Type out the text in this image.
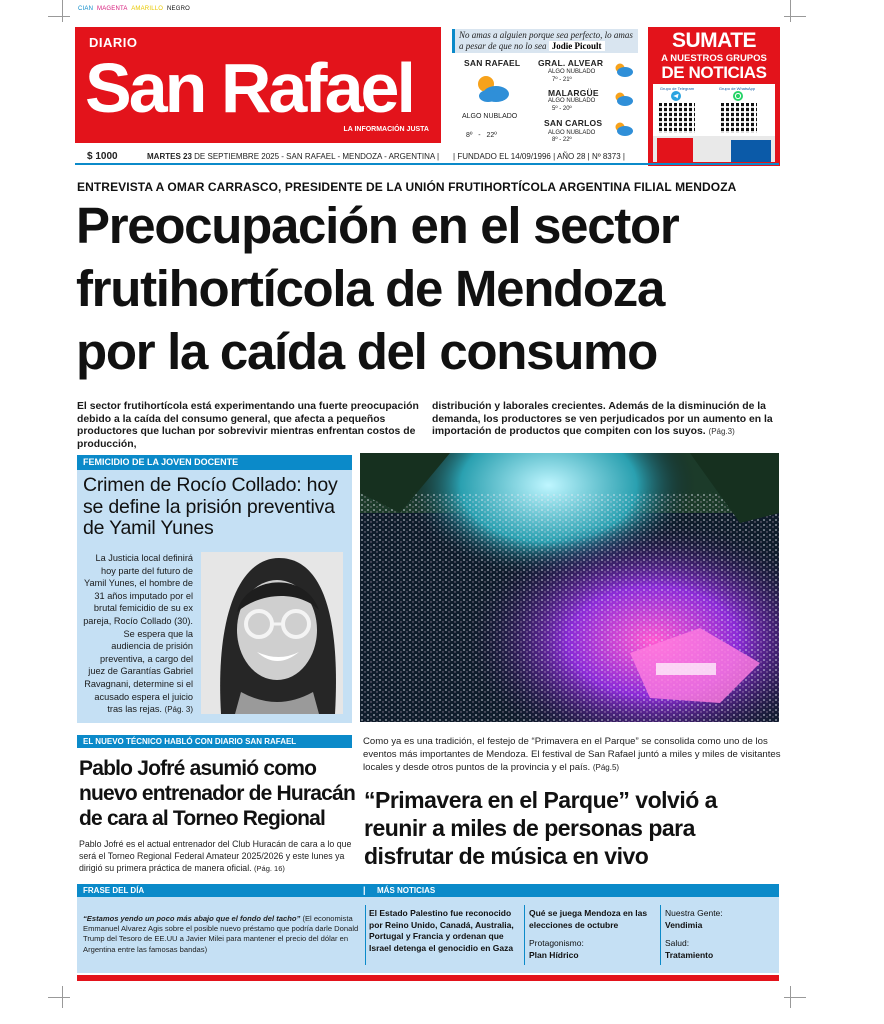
CIAN MAGENTA AMARILLO NEGRO
DIARIO
San Rafael
LA INFORMACIÓN JUSTA
No amas a alguien porque sea perfecto, lo amas a pesar de que no lo sea Jodie Picoult
SAN RAFAEL
ALGO NUBLADO
8º - 22º
GRAL. ALVEAR
ALGO NUBLADO
7º - 21º
MALARGÜE
ALGO NUBLADO
5º - 20º
SAN CARLOS
ALGO NUBLADO
8º - 22º
SUMATE
A NUESTROS GRUPOS
DE NOTICIAS
Grupo de Telegram	Grupo de WhatsApp
$ 1000	MARTES 23 DE SEPTIEMBRE 2025 - SAN RAFAEL - MENDOZA - ARGENTINA | | FUNDADO EL 14/09/1996 | AÑO 28 | Nº 8373 |
ENTREVISTA A OMAR CARRASCO, PRESIDENTE DE LA UNIÓN FRUTIHORTÍCOLA ARGENTINA FILIAL MENDOZA
Preocupación en el sector
frutihortícola de Mendoza
por la caída del consumo
El sector frutihortícola está experimentando una fuerte preocupación debido a la caída del consumo general, que afecta a pequeños productores que luchan por sobrevivir mientras enfrentan costos de producción,
distribución y laborales crecientes. Además de la disminución de la demanda, los productores se ven perjudicados por un aumento en la importación de productos que compiten con los suyos. (Pág.3)
FEMICIDIO DE LA JOVEN DOCENTE
Crimen de Rocío Collado: hoy se define la prisión preventiva de Yamil Yunes
La Justicia local definirá hoy parte del futuro de Yamil Yunes, el hombre de 31 años imputado por el brutal femicidio de su ex pareja, Rocío Collado (30). Se espera que la audiencia de prisión preventiva, a cargo del juez de Garantías Gabriel Ravagnani, determine si el acusado espera el juicio tras las rejas. (Pág. 3)
EL NUEVO TÉCNICO HABLÓ CON DIARIO SAN RAFAEL
Pablo Jofré asumió como
nuevo entrenador de Huracán
de cara al Torneo Regional
Pablo Jofré es el actual entrenador del Club Huracán de cara a lo que será el Torneo Regional Federal Amateur 2025/2026 y este lunes ya dirigió su primera práctica de manera oficial. (Pág. 16)
Como ya es una tradición, el festejo de “Primavera en el Parque” se consolida como uno de los eventos más importantes de Mendoza. El festival de San Rafael juntó a miles y miles de visitantes locales y desde otros puntos de la provincia y el país. (Pág.5)
“Primavera en el Parque” volvió a
reunir a miles de personas para
disfrutar de música en vivo
FRASE DEL DÍA	| MÁS NOTICIAS
“Estamos yendo un poco más abajo que el fondo del tacho” (El economista Emmanuel Alvarez Agis sobre el posible nuevo préstamo que podría darle Donald Trump del Tesoro de EE.UU a Javier Milei para mantener el precio del dólar en Argentina entre las famosas bandas)
El Estado Palestino fue reconocido por Reino Unido, Canadá, Australia, Portugal y Francia y ordenan que Israel detenga el genocidio en Gaza
Qué se juega Mendoza en las elecciones de octubre
Protagonismo:
Plan Hídrico
Nuestra Gente:
Vendimia
Salud:
Tratamiento
